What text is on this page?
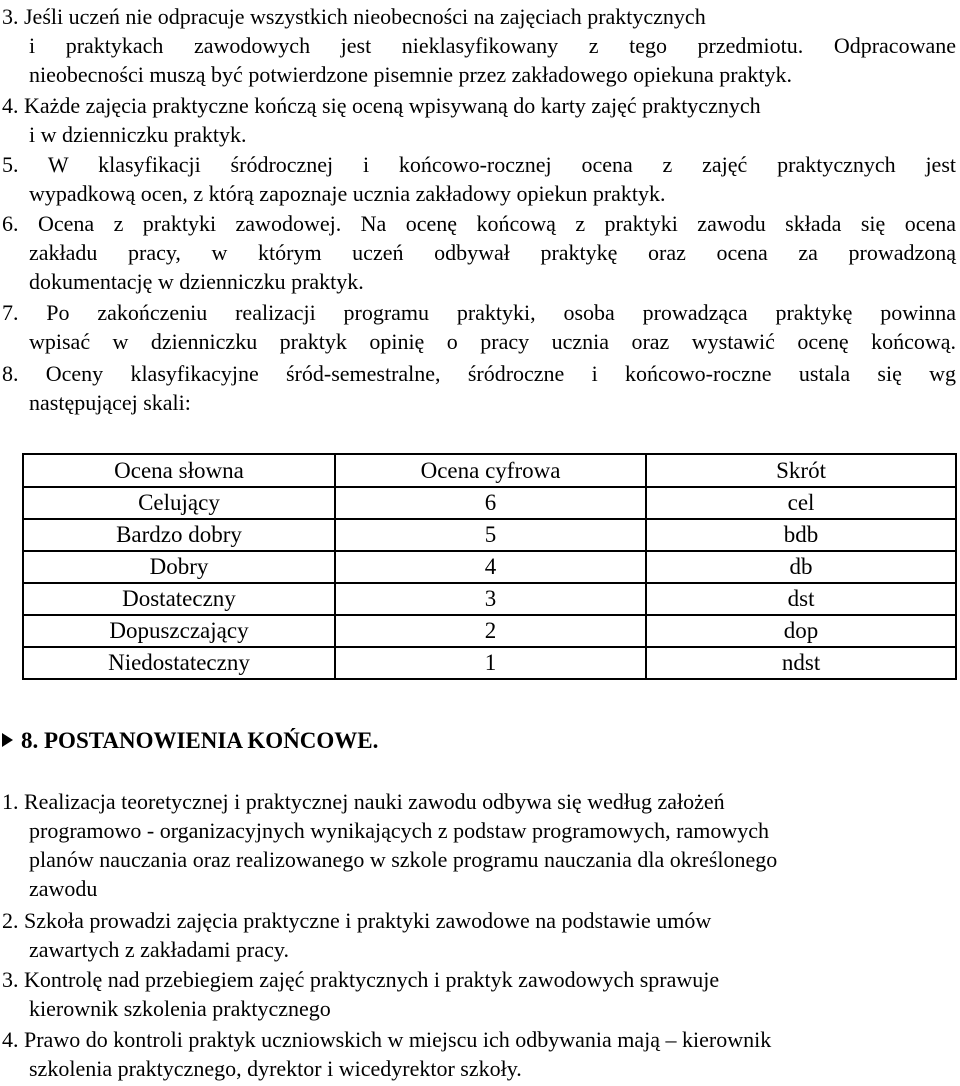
3. Jeśli uczeń nie odpracuje wszystkich nieobecności na zajęciach praktycznych
i praktykach zawodowych jest nieklasyfikowany z tego przedmiotu. Odpracowane
nieobecności muszą być potwierdzone pisemnie przez zakładowego opiekuna praktyk.
4. Każde zajęcia praktyczne kończą się oceną wpisywaną do karty zajęć praktycznych
i w dzienniczku praktyk.
5. W klasyfikacji śródrocznej i końcowo-rocznej ocena z zajęć praktycznych jest
wypadkową ocen, z którą zapoznaje ucznia zakładowy opiekun praktyk.
6. Ocena z praktyki zawodowej. Na ocenę końcową z praktyki zawodu składa się ocena
zakładu pracy, w którym uczeń odbywał praktykę oraz ocena za prowadzoną
dokumentację w dzienniczku praktyk.
7. Po zakończeniu realizacji programu praktyki, osoba prowadząca praktykę powinna
wpisać w dzienniczku praktyk opinię o pracy ucznia oraz wystawić ocenę końcową.
8. Oceny klasyfikacyjne śród-semestralne, śródroczne i końcowo-roczne ustala się wg
następującej skali:
Ocena słowna	Ocena cyfrowa	Skrót
Celujący	6	cel
Bardzo dobry	5	bdb
Dobry	4	db
Dostateczny	3	dst
Dopuszczający	2	dop
Niedostateczny	1	ndst
8. POSTANOWIENIA KOŃCOWE.
1. Realizacja teoretycznej i praktycznej nauki zawodu odbywa się według założeń
programowo - organizacyjnych wynikających z podstaw programowych, ramowych
planów nauczania oraz realizowanego w szkole programu nauczania dla określonego
zawodu
2. Szkoła prowadzi zajęcia praktyczne i praktyki zawodowe na podstawie umów
zawartych z zakładami pracy.
3. Kontrolę nad przebiegiem zajęć praktycznych i praktyk zawodowych sprawuje
kierownik szkolenia praktycznego
4. Prawo do kontroli praktyk uczniowskich w miejscu ich odbywania mają – kierownik
szkolenia praktycznego, dyrektor i wicedyrektor szkoły.
